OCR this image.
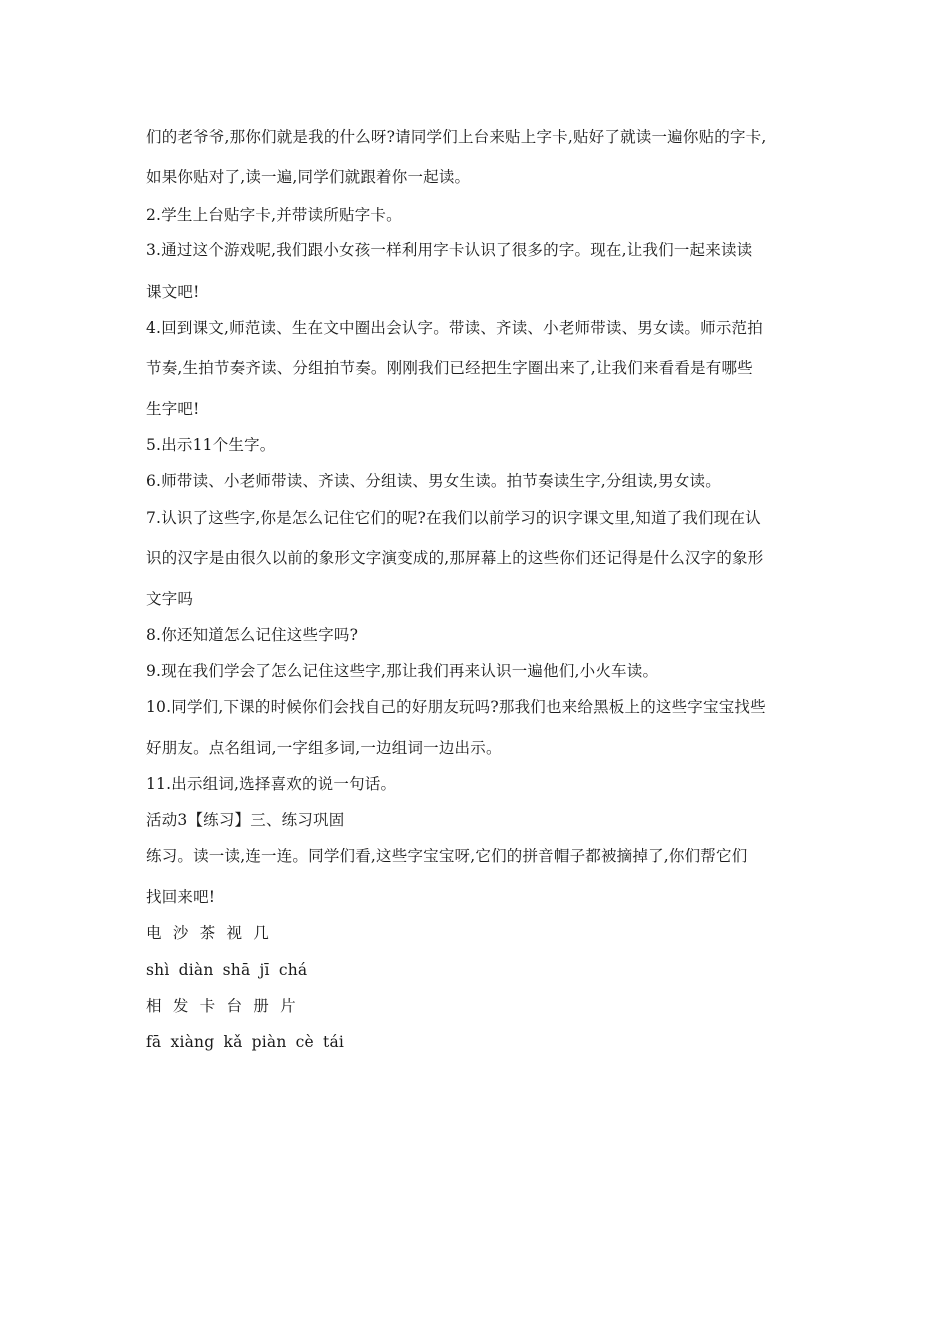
们的老爷爷,那你们就是我的什么呀?请同学们上台来贴上字卡,贴好了就读一遍你贴的字卡,
如果你贴对了,读一遍,同学们就跟着你一起读。
2.学生上台贴字卡,并带读所贴字卡。
3.通过这个游戏呢,我们跟小女孩一样利用字卡认识了很多的字。现在,让我们一起来读读
课文吧!
4.回到课文,师范读、生在文中圈出会认字。带读、齐读、小老师带读、男女读。师示范拍
节奏,生拍节奏齐读、分组拍节奏。刚刚我们已经把生字圈出来了,让我们来看看是有哪些
生字吧!
5.出示11个生字。
6.师带读、小老师带读、齐读、分组读、男女生读。拍节奏读生字,分组读,男女读。
7.认识了这些字,你是怎么记住它们的呢?在我们以前学习的识字课文里,知道了我们现在认
识的汉字是由很久以前的象形文字演变成的,那屏幕上的这些你们还记得是什么汉字的象形
文字吗
8.你还知道怎么记住这些字吗?
9.现在我们学会了怎么记住这些字,那让我们再来认识一遍他们,小火车读。
10.同学们,下课的时候你们会找自己的好朋友玩吗?那我们也来给黑板上的这些字宝宝找些
好朋友。点名组词,一字组多词,一边组词一边出示。
11.出示组词,选择喜欢的说一句话。
活动3【练习】三、练习巩固
练习。读一读,连一连。同学们看,这些字宝宝呀,它们的拼音帽子都被摘掉了,你们帮它们
找回来吧!
电 沙 茶 视 几
shì diàn shā jī chá
相 发 卡 台 册 片
fā xiàng kǎ piàn cè tái
